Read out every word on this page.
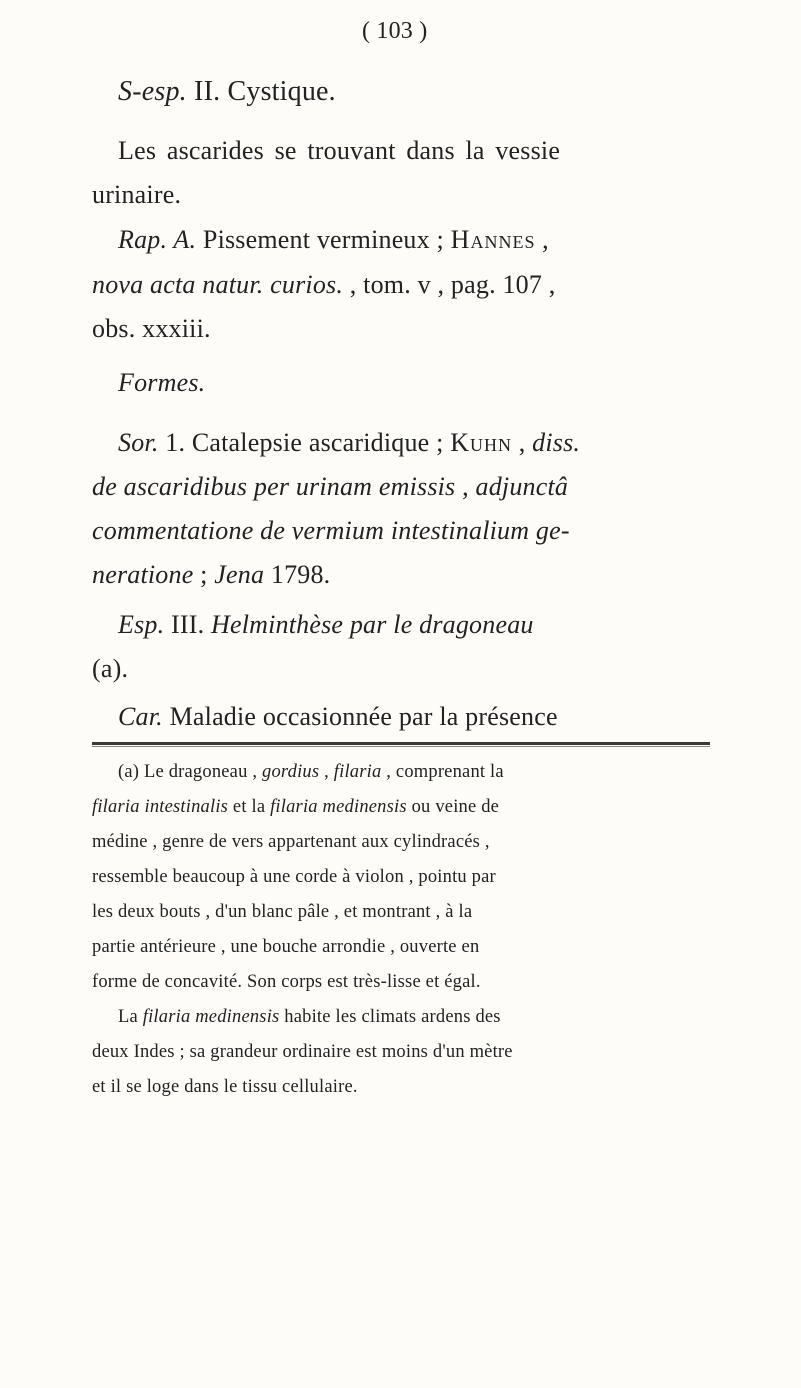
( 103 )
S-esp. II. Cystique.
Les ascarides se trouvant dans la vessie
urinaire.
Rap. A. Pissement vermineux ; Hannes ,
nova acta natur. curios. , tom. v , pag. 107 ,
obs. xxxiii.
Formes.
Sor. 1. Catalepsie ascaridique ; Kuhn , diss.
de ascaridibus per urinam emissis , adjunctâ
commentatione de vermium intestinalium ge-
neratione ; Jena 1798.
Esp. III. Helminthèse par le dragoneau
(a).
Car. Maladie occasionnée par la présence
(a) Le dragoneau , gordius , filaria , comprenant la
filaria intestinalis et la filaria medinensis ou veine de
médine , genre de vers appartenant aux cylindracés ,
ressemble beaucoup à une corde à violon , pointu par
les deux bouts , d'un blanc pâle , et montrant , à la
partie antérieure , une bouche arrondie , ouverte en
forme de concavité. Son corps est très-lisse et égal.
La filaria medinensis habite les climats ardens des
deux Indes ; sa grandeur ordinaire est moins d'un mètre
et il se loge dans le tissu cellulaire.
